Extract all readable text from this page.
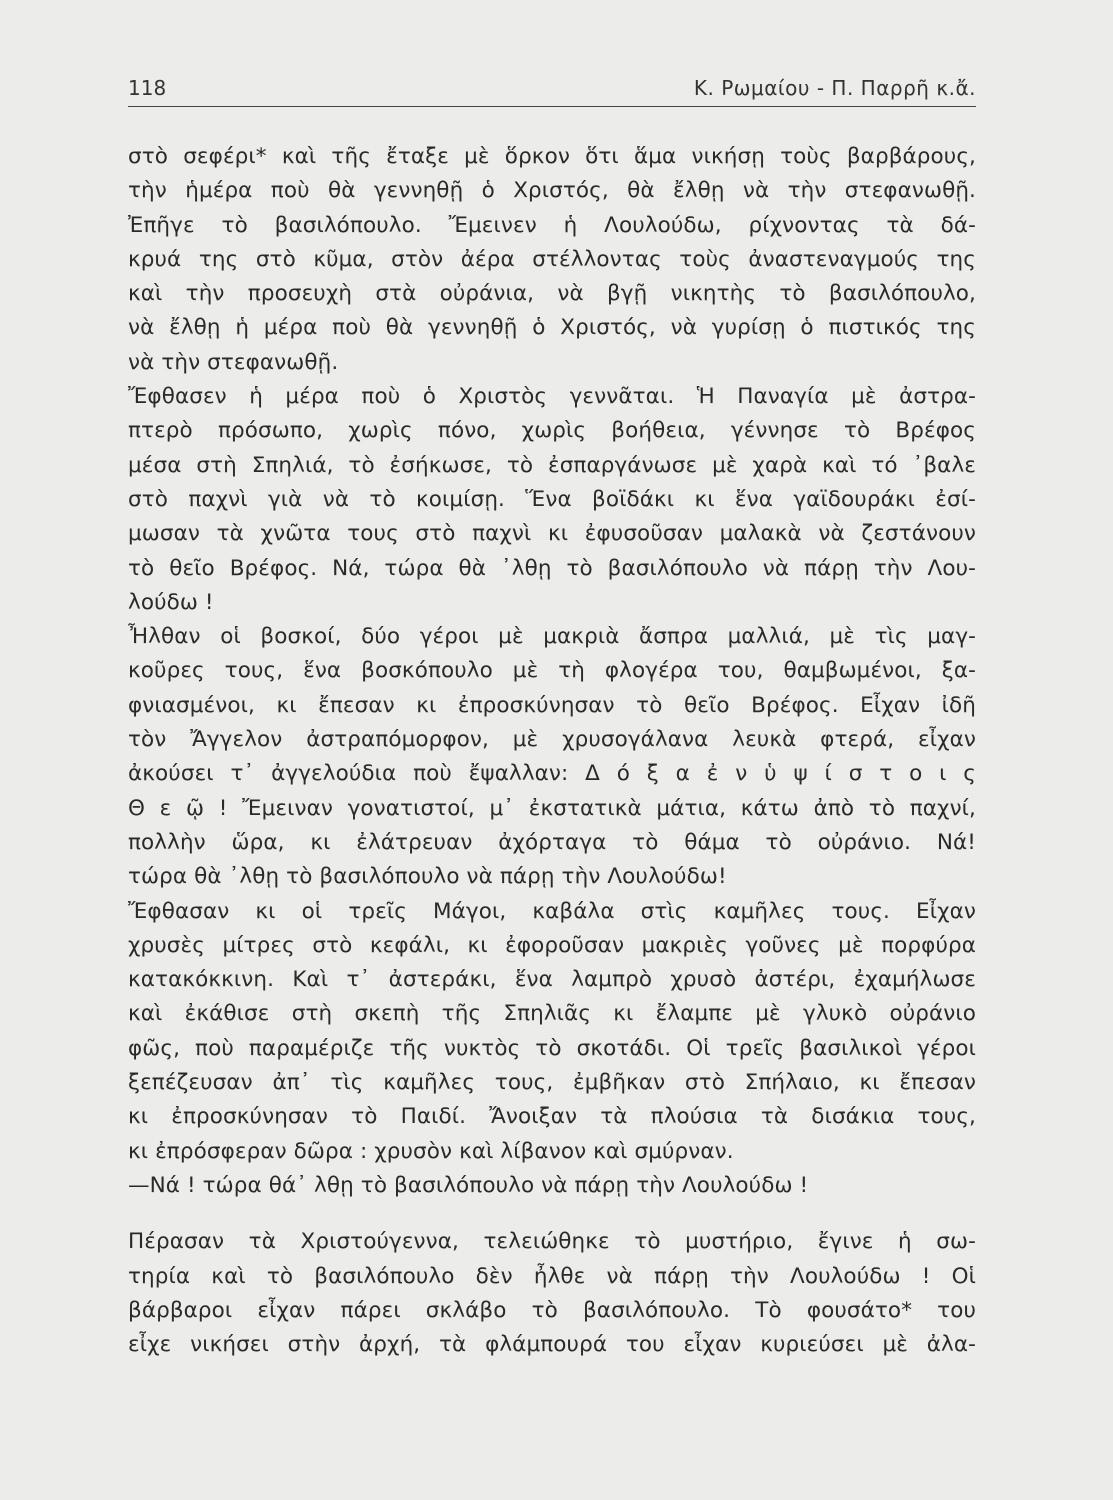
118	Κ. Ρωμαίου - Π. Παρρῆ κ.ἄ.
στὸ σεφέρι* καὶ τῆς ἔταξε μὲ ὅρκον ὅτι ἅμα νικήσῃ τοὺς βαρβάρους,
τὴν ἡμέρα ποὺ θὰ γεννηθῇ ὁ Χριστός, θὰ ἔλθῃ νὰ τὴν στεφανωθῇ.
Ἐπῆγε τὸ βασιλόπουλο. Ἔμεινεν ἡ Λουλούδω, ρίχνοντας τὰ δά-
κρυά της στὸ κῦμα, στὸν ἀέρα στέλλοντας τοὺς ἀναστεναγμούς της
καὶ τὴν προσευχὴ στὰ οὐράνια, νὰ βγῇ νικητὴς τὸ βασιλόπουλο,
νὰ ἔλθῃ ἡ μέρα ποὺ θὰ γεννηθῇ ὁ Χριστός, νὰ γυρίσῃ ὁ πιστικός της
νὰ τὴν στεφανωθῇ.
Ἔφθασεν ἡ μέρα ποὺ ὁ Χριστὸς γεννᾶται. Ἡ Παναγία μὲ ἀστρα-
πτερὸ πρόσωπο, χωρὶς πόνο, χωρὶς βοήθεια, γέννησε τὸ Βρέφος
μέσα στὴ Σπηλιά, τὸ ἐσήκωσε, τὸ ἐσπαργάνωσε μὲ χαρὰ καὶ τό ᾿βαλε
στὸ παχνὶ γιὰ νὰ τὸ κοιμίσῃ. Ἕνα βοϊδάκι κι ἕνα γαϊδουράκι ἐσί-
μωσαν τὰ χνῶτα τους στὸ παχνὶ κι ἐφυσοῦσαν μαλακὰ νὰ ζεστάνουν
τὸ θεῖο Βρέφος. Νά, τώρα θὰ ᾿λθῃ τὸ βασιλόπουλο νὰ πάρῃ τὴν Λου-
λούδω !
Ἦλθαν οἱ βοσκοί, δύο γέροι μὲ μακριὰ ἄσπρα μαλλιά, μὲ τὶς μαγ-
κοῦρες τους, ἕνα βοσκόπουλο μὲ τὴ φλογέρα του, θαμβωμένοι, ξα-
φνιασμένοι, κι ἔπεσαν κι ἐπροσκύνησαν τὸ θεῖο Βρέφος. Εἶχαν ἰδῆ
τὸν Ἄγγελον ἀστραπόμορφον, μὲ χρυσογάλανα λευκὰ φτερά, εἶχαν
ἀκούσει τ᾿ ἀγγελούδια ποὺ ἔψαλλαν: Δ ό ξ α ἐ ν ὑ ψ ί σ τ ο ι ς
Θ ε ῷ ! Ἔμειναν γονατιστοί, μ᾿ ἐκστατικὰ μάτια, κάτω ἀπὸ τὸ παχνί,
πολλὴν ὥρα, κι ἐλάτρευαν ἀχόρταγα τὸ θάμα τὸ οὐράνιο. Νά!
τώρα θὰ ᾿λθῃ τὸ βασιλόπουλο νὰ πάρῃ τὴν Λουλούδω!
Ἔφθασαν κι οἱ τρεῖς Μάγοι, καβάλα στὶς καμῆλες τους. Εἶχαν
χρυσὲς μίτρες στὸ κεφάλι, κι ἐφοροῦσαν μακριὲς γοῦνες μὲ πορφύρα
κατακόκκινη. Καὶ τ᾿ ἀστεράκι, ἕνα λαμπρὸ χρυσὸ ἀστέρι, ἐχαμήλωσε
καὶ ἐκάθισε στὴ σκεπὴ τῆς Σπηλιᾶς κι ἔλαμπε μὲ γλυκὸ οὐράνιο
φῶς, ποὺ παραμέριζε τῆς νυκτὸς τὸ σκοτάδι. Οἱ τρεῖς βασιλικοὶ γέροι
ξεπέζευσαν ἀπ᾿ τὶς καμῆλες τους, ἐμβῆκαν στὸ Σπήλαιο, κι ἔπεσαν
κι ἐπροσκύνησαν τὸ Παιδί. Ἄνοιξαν τὰ πλούσια τὰ δισάκια τους,
κι ἐπρόσφεραν δῶρα : χρυσὸν καὶ λίβανον καὶ σμύρναν.
—Νά ! τώρα θά᾿ λθῃ τὸ βασιλόπουλο νὰ πάρῃ τὴν Λουλούδω !
Πέρασαν τὰ Χριστούγεννα, τελειώθηκε τὸ μυστήριο, ἔγινε ἡ σω-
τηρία καὶ τὸ βασιλόπουλο δὲν ἦλθε νὰ πάρῃ τὴν Λουλούδω ! Οἱ
βάρβαροι εἶχαν πάρει σκλάβο τὸ βασιλόπουλο. Τὸ φουσάτο* του
εἶχε νικήσει στὴν ἀρχή, τὰ φλάμπουρά του εἶχαν κυριεύσει μὲ ἀλα-
